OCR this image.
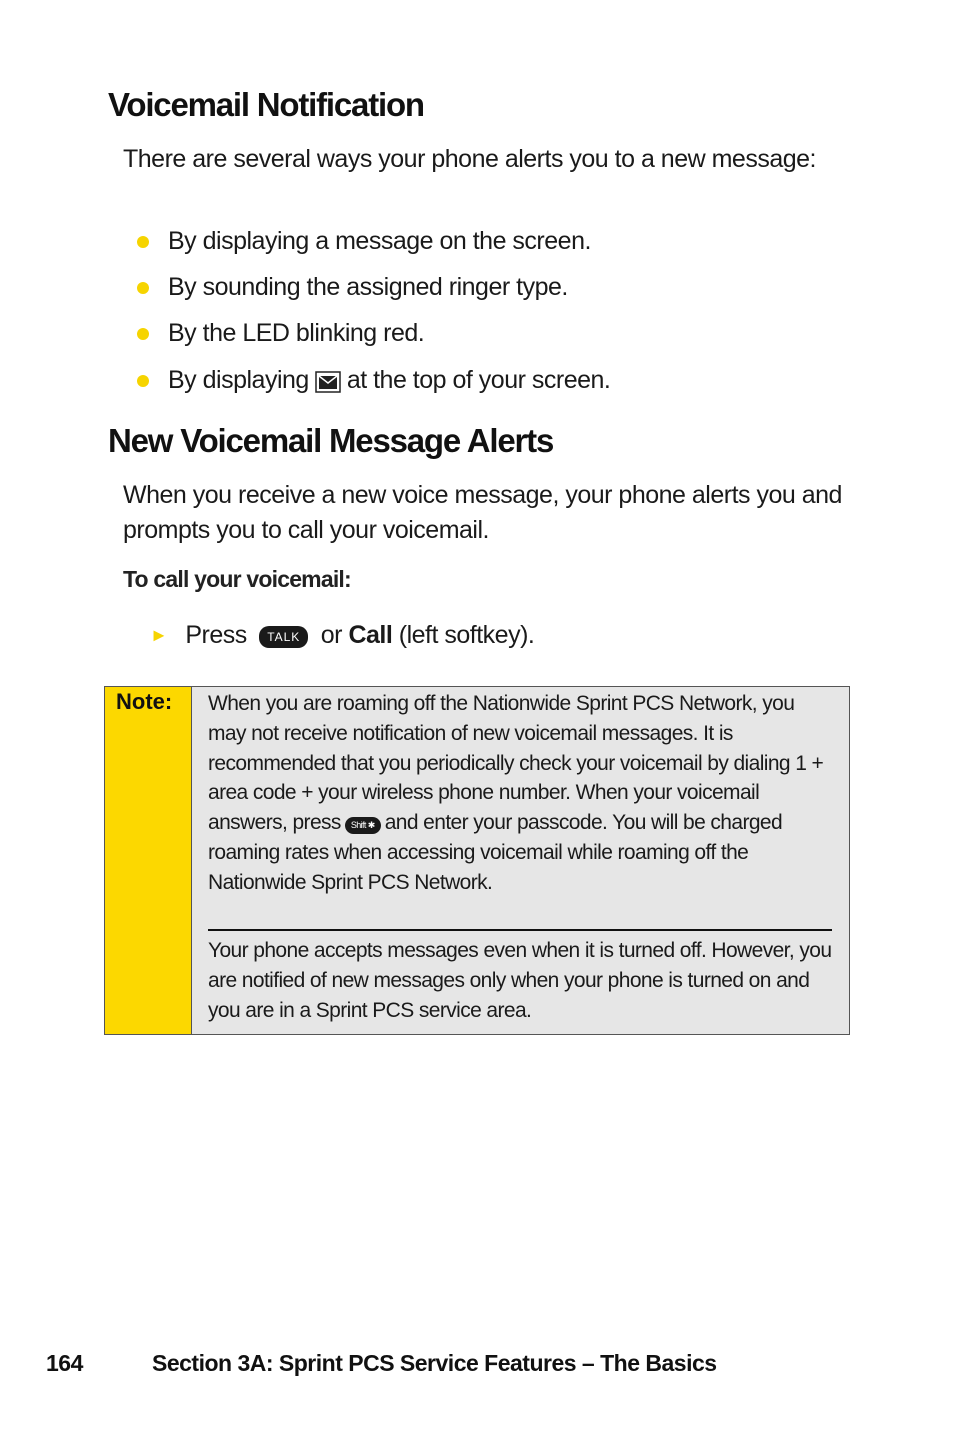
Voicemail Notification

There are several ways your phone alerts you to a new message:

By displaying a message on the screen.
By sounding the assigned ringer type.
By the LED blinking red.
By displaying at the top of your screen.
New Voicemail Message Alerts

When you receive a new voice message, your phone alerts you and prompts you to call your voicemail.

To call your voicemail:

► Press TALK or Call (left softkey).
Note: When you are roaming off the Nationwide Sprint PCS Network, you may not receive notification of new voicemail messages. It is recommended that you periodically check your voicemail by dialing 1 + area code + your wireless phone number. When your voicemail answers, press Shift ✱ and enter your passcode. You will be charged roaming rates when accessing voicemail while roaming off the Nationwide Sprint PCS Network.

Your phone accepts messages even when it is turned off. However, you are notified of new messages only when your phone is turned on and you are in a Sprint PCS service area.

164	Section 3A: Sprint PCS Service Features – The Basics
